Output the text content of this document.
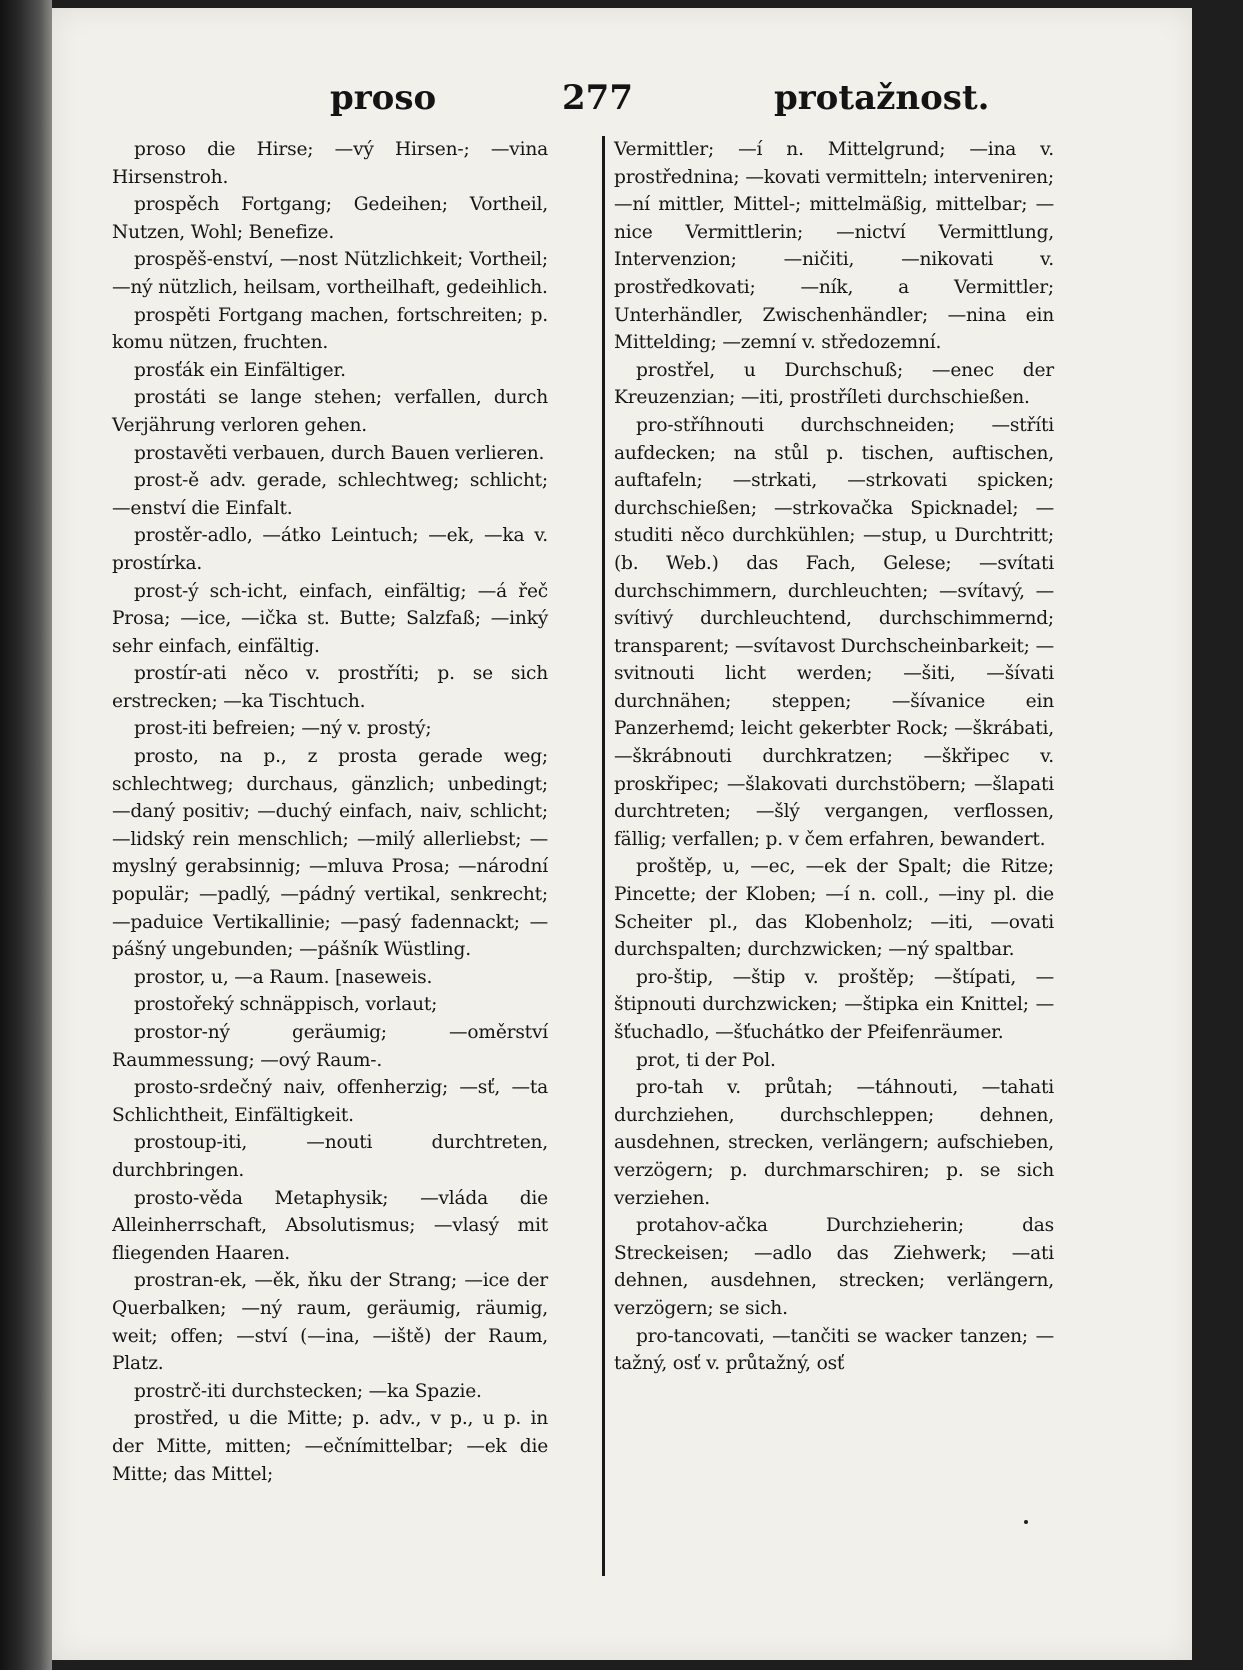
proso	277	protažnost.

proso die Hirse; —vý Hirsen-; —vina Hirsenstroh.

prospěch Fortgang; Gedeihen; Vortheil, Nutzen, Wohl; Benefize.

prospěš-enství, —nost Nützlichkeit; Vortheil; —ný nützlich, heilsam, vortheilhaft, gedeihlich.

prospěti Fortgang machen, fortschreiten; p. komu nützen, fruchten.

prosťák ein Einfältiger.

prostáti se lange stehen; verfallen, durch Verjährung verloren gehen.

prostavěti verbauen, durch Bauen verlieren.

prost-ě adv. gerade, schlechtweg; schlicht; —enství die Einfalt.

prostěr-adlo, —átko Leintuch; —ek, —ka v. prostírka.

prost-ý sch-icht, einfach, einfältig; —á řeč Prosa; —ice, —ička st. Butte; Salzfaß; —inký sehr einfach, einfältig.

prostír-ati něco v. prostříti; p. se sich erstrecken; —ka Tischtuch.

prost-iti befreien; —ný v. prostý;

prosto, na p., z prosta gerade weg; schlechtweg; durchaus, gänzlich; unbedingt; —daný positiv; —duchý einfach, naiv, schlicht; —lidský rein menschlich; —milý allerliebst; —myslný gerabsinnig; —mluva Prosa; —národní populär; —padlý, —pádný vertikal, senkrecht; —paduice Vertikallinie; —pasý fadennackt; —pášný ungebunden; —pášník Wüstling.

prostor, u, —a Raum. [naseweis.

prostořeký schnäppisch, vorlaut;

prostor-ný geräumig; —oměrství Raummessung; —ový Raum-.

prosto-srdečný naiv, offenherzig; —sť, —ta Schlichtheit, Einfältigkeit.

prostoup-iti, —nouti durchtreten, durchbringen.

prosto-věda Metaphysik; —vláda die Alleinherrschaft, Absolutismus; —vlasý mit fliegenden Haaren.

prostran-ek, —ěk, ňku der Strang; —ice der Querbalken; —ný raum, geräumig, räumig, weit; offen; —ství (—ina, —iště) der Raum, Platz.

prostrč-iti durchstecken; —ka Spazie.

prostřed, u die Mitte; p. adv., v p., u p. in der Mitte, mitten; —ečnímittelbar; —ek die Mitte; das Mittel;

Vermittler; —í n. Mittelgrund; —ina v. prostřednina; —kovati vermitteln; interveniren; —ní mittler, Mittel-; mittelmäßig, mittelbar; —nice Vermittlerin; —nictví Vermittlung, Intervenzion; —ničiti, —nikovati v. prostředkovati; —ník, a Vermittler; Unterhändler, Zwischenhändler; —nina ein Mittelding; —zemní v. středozemní.

prostřel, u Durchschuß; —enec der Kreuzenzian; —iti, prostříleti durchschießen.

pro-stříhnouti durchschneiden; —stříti aufdecken; na stůl p. tischen, auftischen, auftafeln; —strkati, —strkovati spicken; durchschießen; —strkovačka Spicknadel; —studiti něco durchkühlen; —stup, u Durchtritt; (b. Web.) das Fach, Gelese; —svítati durchschimmern, durchleuchten; —svítavý, —svítivý durchleuchtend, durchschimmernd; transparent; —svítavost Durchscheinbarkeit; —svitnouti licht werden; —šiti, —šívati durchnähen; steppen; —šívanice ein Panzerhemd; leicht gekerbter Rock; —škrábati, —škrábnouti durchkratzen; —škřipec v. proskřipec; —šlakovati durchstöbern; —šlapati durchtreten; —šlý vergangen, verflossen, fällig; verfallen; p. v čem erfahren, bewandert.

proštěp, u, —ec, —ek der Spalt; die Ritze; Pincette; der Kloben; —í n. coll., —iny pl. die Scheiter pl., das Klobenholz; —iti, —ovati durchspalten; durchzwicken; —ný spaltbar.

pro-štip, —štip v. proštěp; —štípati, —štipnouti durchzwicken; —štipka ein Knittel; —šťuchadlo, —šťuchátko der Pfeifenräumer.

prot, ti der Pol.

pro-tah v. průtah; —táhnouti, —tahati durchziehen, durchschleppen; dehnen, ausdehnen, strecken, verlängern; aufschieben, verzögern; p. durchmarschiren; p. se sich verziehen.

protahov-ačka Durchzieherin; das Streckeisen; —adlo das Ziehwerk; —ati dehnen, ausdehnen, strecken; verlängern, verzögern; se sich.

pro-tancovati, —tančiti se wacker tanzen; —tažný, osť v. průtažný, osť
